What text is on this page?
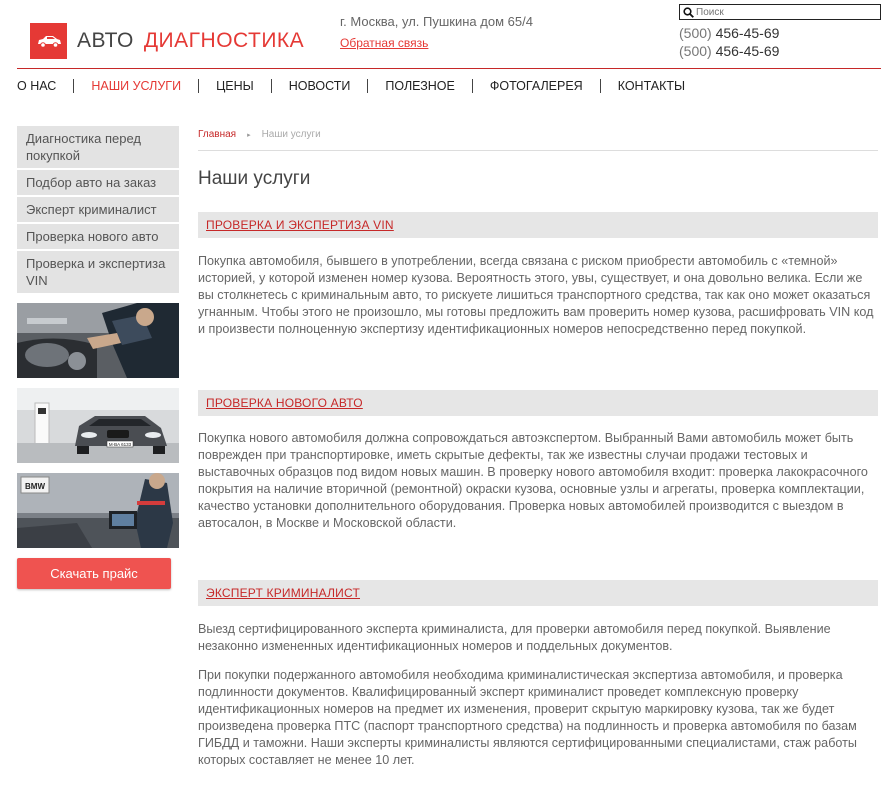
АВТО ДИАГНОСТИКА
г. Москва, ул. Пушкина дом 65/4
Обратная связь
Поиск
(500) 456-45-69
(500) 456-45-69
О НАС	НАШИ УСЛУГИ	ЦЕНЫ	НОВОСТИ	ПОЛЕЗНОЕ	ФОТОГАЛЕРЕЯ	КОНТАКТЫ
Диагностика перед покупкой
Подбор авто на заказ
Эксперт криминалист
Проверка нового авто
Проверка и экспертиза VIN
M·BA 6133
BMW
Скачать прайс
Главная ▸ Наши услуги
Наши услуги
ПРОВЕРКА И ЭКСПЕРТИЗА VIN
Покупка автомобиля, бывшего в употреблении, всегда связана с риском приобрести автомобиль с «темной» историей, у которой изменен номер кузова. Вероятность этого, увы, существует, и она довольно велика. Если же вы столкнетесь с криминальным авто, то рискуете лишиться транспортного средства, так как оно может оказаться угнанным. Чтобы этого не произошло, мы готовы предложить вам проверить номер кузова, расшифровать VIN код и произвести полноценную экспертизу идентификационных номеров непосредственно перед покупкой.
ПРОВЕРКА НОВОГО АВТО
Покупка нового автомобиля должна сопровождаться автоэкспертом. Выбранный Вами автомобиль может быть поврежден при транспортировке, иметь скрытые дефекты, так же известны случаи продажи тестовых и выставочных образцов под видом новых машин. В проверку нового автомобиля входит: проверка лакокрасочного покрытия на наличие вторичной (ремонтной) окраски кузова, основные узлы и агрегаты, проверка комплектации, качество установки дополнительного оборудования. Проверка новых автомобилей производится с выездом в автосалон, в Москве и Московской области.
ЭКСПЕРТ КРИМИНАЛИСТ
Выезд сертифицированного эксперта криминалиста, для проверки автомобиля перед покупкой. Выявление незаконно измененных идентификационных номеров и поддельных документов.
При покупки подержанного автомобиля необходима криминалистическая экспертиза автомобиля, и проверка подлинности документов. Квалифицированный эксперт криминалист проведет комплексную проверку идентификационных номеров на предмет их изменения, проверит скрытую маркировку кузова, так же будет произведена проверка ПТС (паспорт транспортного средства) на подлинность и проверка автомобиля по базам ГИБДД и таможни. Наши эксперты криминалисты являются сертифицированными специалистами, стаж работы которых составляет не менее 10 лет.
